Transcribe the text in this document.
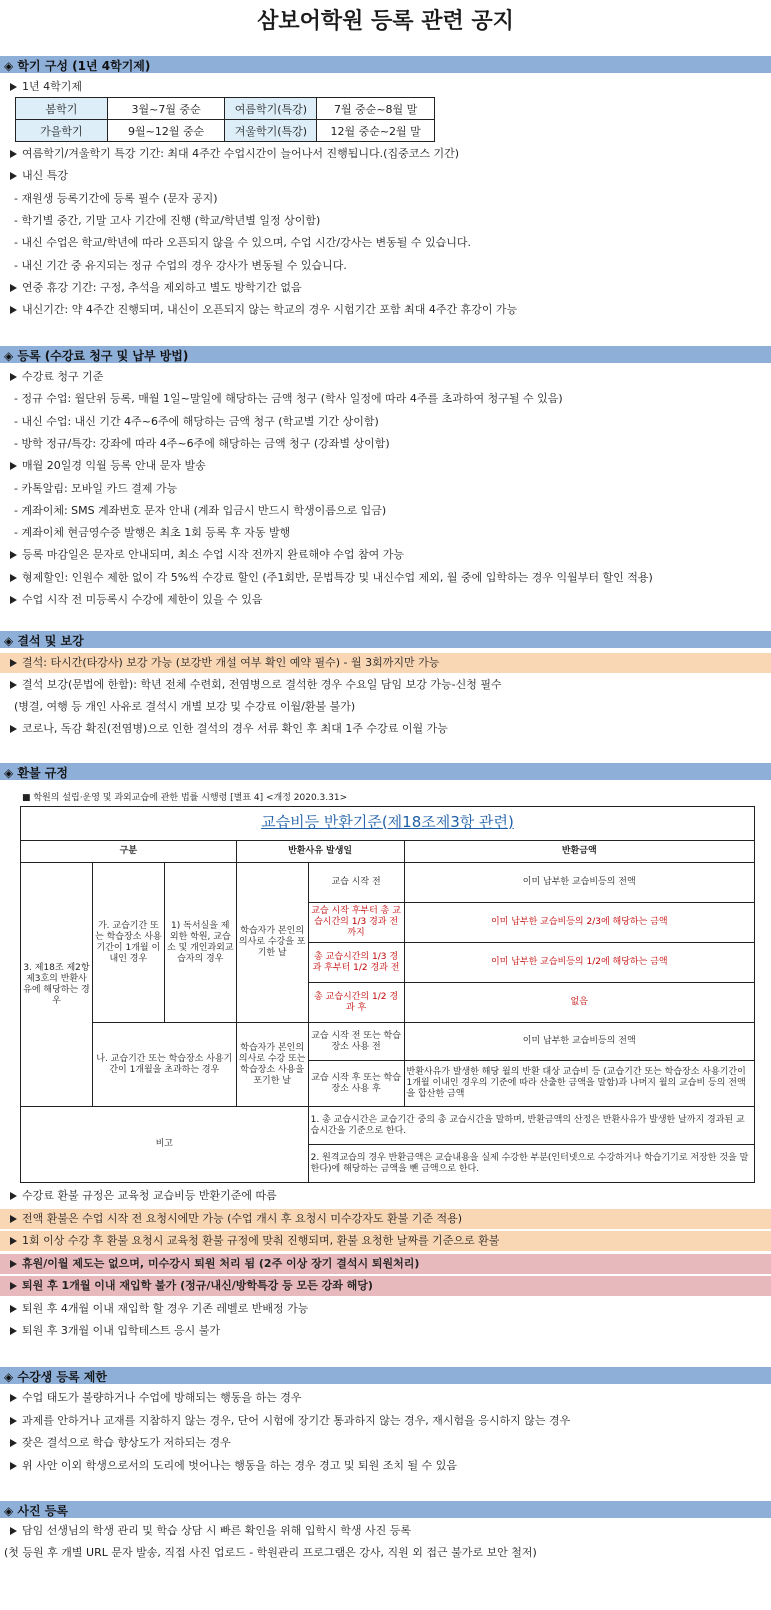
삼보어학원 등록 관련 공지
◈ 학기 구성 (1년 4학기제)
1년 4학기제
봄학기	3월~7월 중순	여름학기(특강)	7월 중순~8월 말
가을학기	9월~12월 중순	겨울학기(특강)	12월 중순~2월 말
여름학기/겨울학기 특강 기간: 최대 4주간 수업시간이 늘어나서 진행됩니다.(집중코스 기간)
내신 특강
- 재원생 등록기간에 등록 필수 (문자 공지)
- 학기별 중간, 기말 고사 기간에 진행 (학교/학년별 일정 상이함)
- 내신 수업은 학교/학년에 따라 오픈되지 않을 수 있으며, 수업 시간/강사는 변동될 수 있습니다.
- 내신 기간 중 유지되는 정규 수업의 경우 강사가 변동될 수 있습니다.
연중 휴강 기간: 구정, 추석을 제외하고 별도 방학기간 없음
내신기간: 약 4주간 진행되며, 내신이 오픈되지 않는 학교의 경우 시험기간 포함 최대 4주간 휴강이 가능
◈ 등록 (수강료 청구 및 납부 방법)
수강료 청구 기준
- 정규 수업: 월단위 등록, 매월 1일~말일에 해당하는 금액 청구 (학사 일정에 따라 4주를 초과하여 청구될 수 있음)
- 내신 수업: 내신 기간 4주~6주에 해당하는 금액 청구 (학교별 기간 상이함)
- 방학 정규/특강: 강좌에 따라 4주~6주에 해당하는 금액 청구 (강좌별 상이함)
매월 20일경 익월 등록 안내 문자 발송
- 카톡알림: 모바일 카드 결제 가능
- 계좌이체: SMS 계좌번호 문자 안내 (계좌 입금시 반드시 학생이름으로 입금)
- 계좌이체 현금영수증 발행은 최초 1회 등록 후 자동 발행
등록 마감일은 문자로 안내되며, 최소 수업 시작 전까지 완료해야 수업 참여 가능
형제할인: 인원수 제한 없이 각 5%씩 수강료 할인 (주1회반, 문법특강 및 내신수업 제외, 월 중에 입학하는 경우 익월부터 할인 적용)
수업 시작 전 미등록시 수강에 제한이 있을 수 있음
◈ 결석 및 보강
결석: 타시간(타강사) 보강 가능 (보강반 개설 여부 확인 예약 필수) - 월 3회까지만 가능
결석 보강(문법에 한함): 학년 전체 수련회, 전염병으로 결석한 경우 수요일 담임 보강 가능-신청 필수
(병결, 여행 등 개인 사유로 결석시 개별 보강 및 수강료 이월/환불 불가)
코로나, 독감 확진(전염병)으로 인한 결석의 경우 서류 확인 후 최대 1주 수강료 이월 가능
◈ 환불 규정
■ 학원의 설립·운영 및 과외교습에 관한 법률 시행령 [별표 4] <개정 2020.3.31>
교습비등 반환기준(제18조제3항 관련)					
구분			반환사유 발생일		반환금액
3. 제18조 제2항 제3호의 반환사유에 해당하는 경우	가. 교습기간 또는 학습장소 사용기간이 1개월 이내인 경우	1) 독서실을 제외한 학원, 교습소 및 개인과외교습자의 경우	학습자가 본인의 의사로 수강을 포기한 날	교습 시작 전	이미 납부한 교습비등의 전액
				교습 시작 후부터 총 교습시간의 1/3 경과 전까지	이미 납부한 교습비등의 2/3에 해당하는 금액
				총 교습시간의 1/3 경과 후부터 1/2 경과 전	이미 납부한 교습비등의 1/2에 해당하는 금액
				총 교습시간의 1/2 경과 후	없음
	나. 교습기간 또는 학습장소 사용기간이 1개월을 초과하는 경우		학습자가 본인의 의사로 수강 또는 학습장소 사용을 포기한 날	교습 시작 전 또는 학습장소 사용 전	이미 납부한 교습비등의 전액
				교습 시작 후 또는 학습장소 사용 후	반환사유가 발생한 해당 월의 반환 대상 교습비 등 (교습기간 또는 학습장소 사용기간이 1개월 이내인 경우의 기준에 따라 산출한 금액을 말함)과 나머지 월의 교습비 등의 전액을 합산한 금액
비고				1. 총 교습시간은 교습기간 중의 총 교습시간을 말하며, 반환금액의 산정은 반환사유가 발생한 날까지 경과된 교습시간을 기준으로 한다.	
				2. 원격교습의 경우 반환금액은 교습내용을 실제 수강한 부분(인터넷으로 수강하거나 학습기기로 저장한 것을 말한다)에 해당하는 금액을 뺀 금액으로 한다.	
수강료 환불 규정은 교육청 교습비등 반환기준에 따름
전액 환불은 수업 시작 전 요청시에만 가능 (수업 개시 후 요청시 미수강자도 환불 기준 적용)
1회 이상 수강 후 환불 요청시 교육청 환불 규정에 맞춰 진행되며, 환불 요청한 날짜를 기준으로 환불
휴원/이월 제도는 없으며, 미수강시 퇴원 처리 됨 (2주 이상 장기 결석시 퇴원처리)
퇴원 후 1개월 이내 재입학 불가 (정규/내신/방학특강 등 모든 강좌 해당)
퇴원 후 4개월 이내 재입학 할 경우 기존 레벨로 반배정 가능
퇴원 후 3개월 이내 입학테스트 응시 불가
◈ 수강생 등록 제한
수업 태도가 불량하거나 수업에 방해되는 행동을 하는 경우
과제를 안하거나 교재를 지참하지 않는 경우, 단어 시험에 장기간 통과하지 않는 경우, 재시험을 응시하지 않는 경우
잦은 결석으로 학습 향상도가 저하되는 경우
위 사안 이외 학생으로서의 도리에 벗어나는 행동을 하는 경우 경고 및 퇴원 조치 될 수 있음
◈ 사진 등록
담임 선생님의 학생 관리 및 학습 상담 시 빠른 확인을 위해 입학시 학생 사진 등록
(첫 등원 후 개별 URL 문자 발송, 직접 사진 업로드 - 학원관리 프로그램은 강사, 직원 외 접근 불가로 보안 철저)
